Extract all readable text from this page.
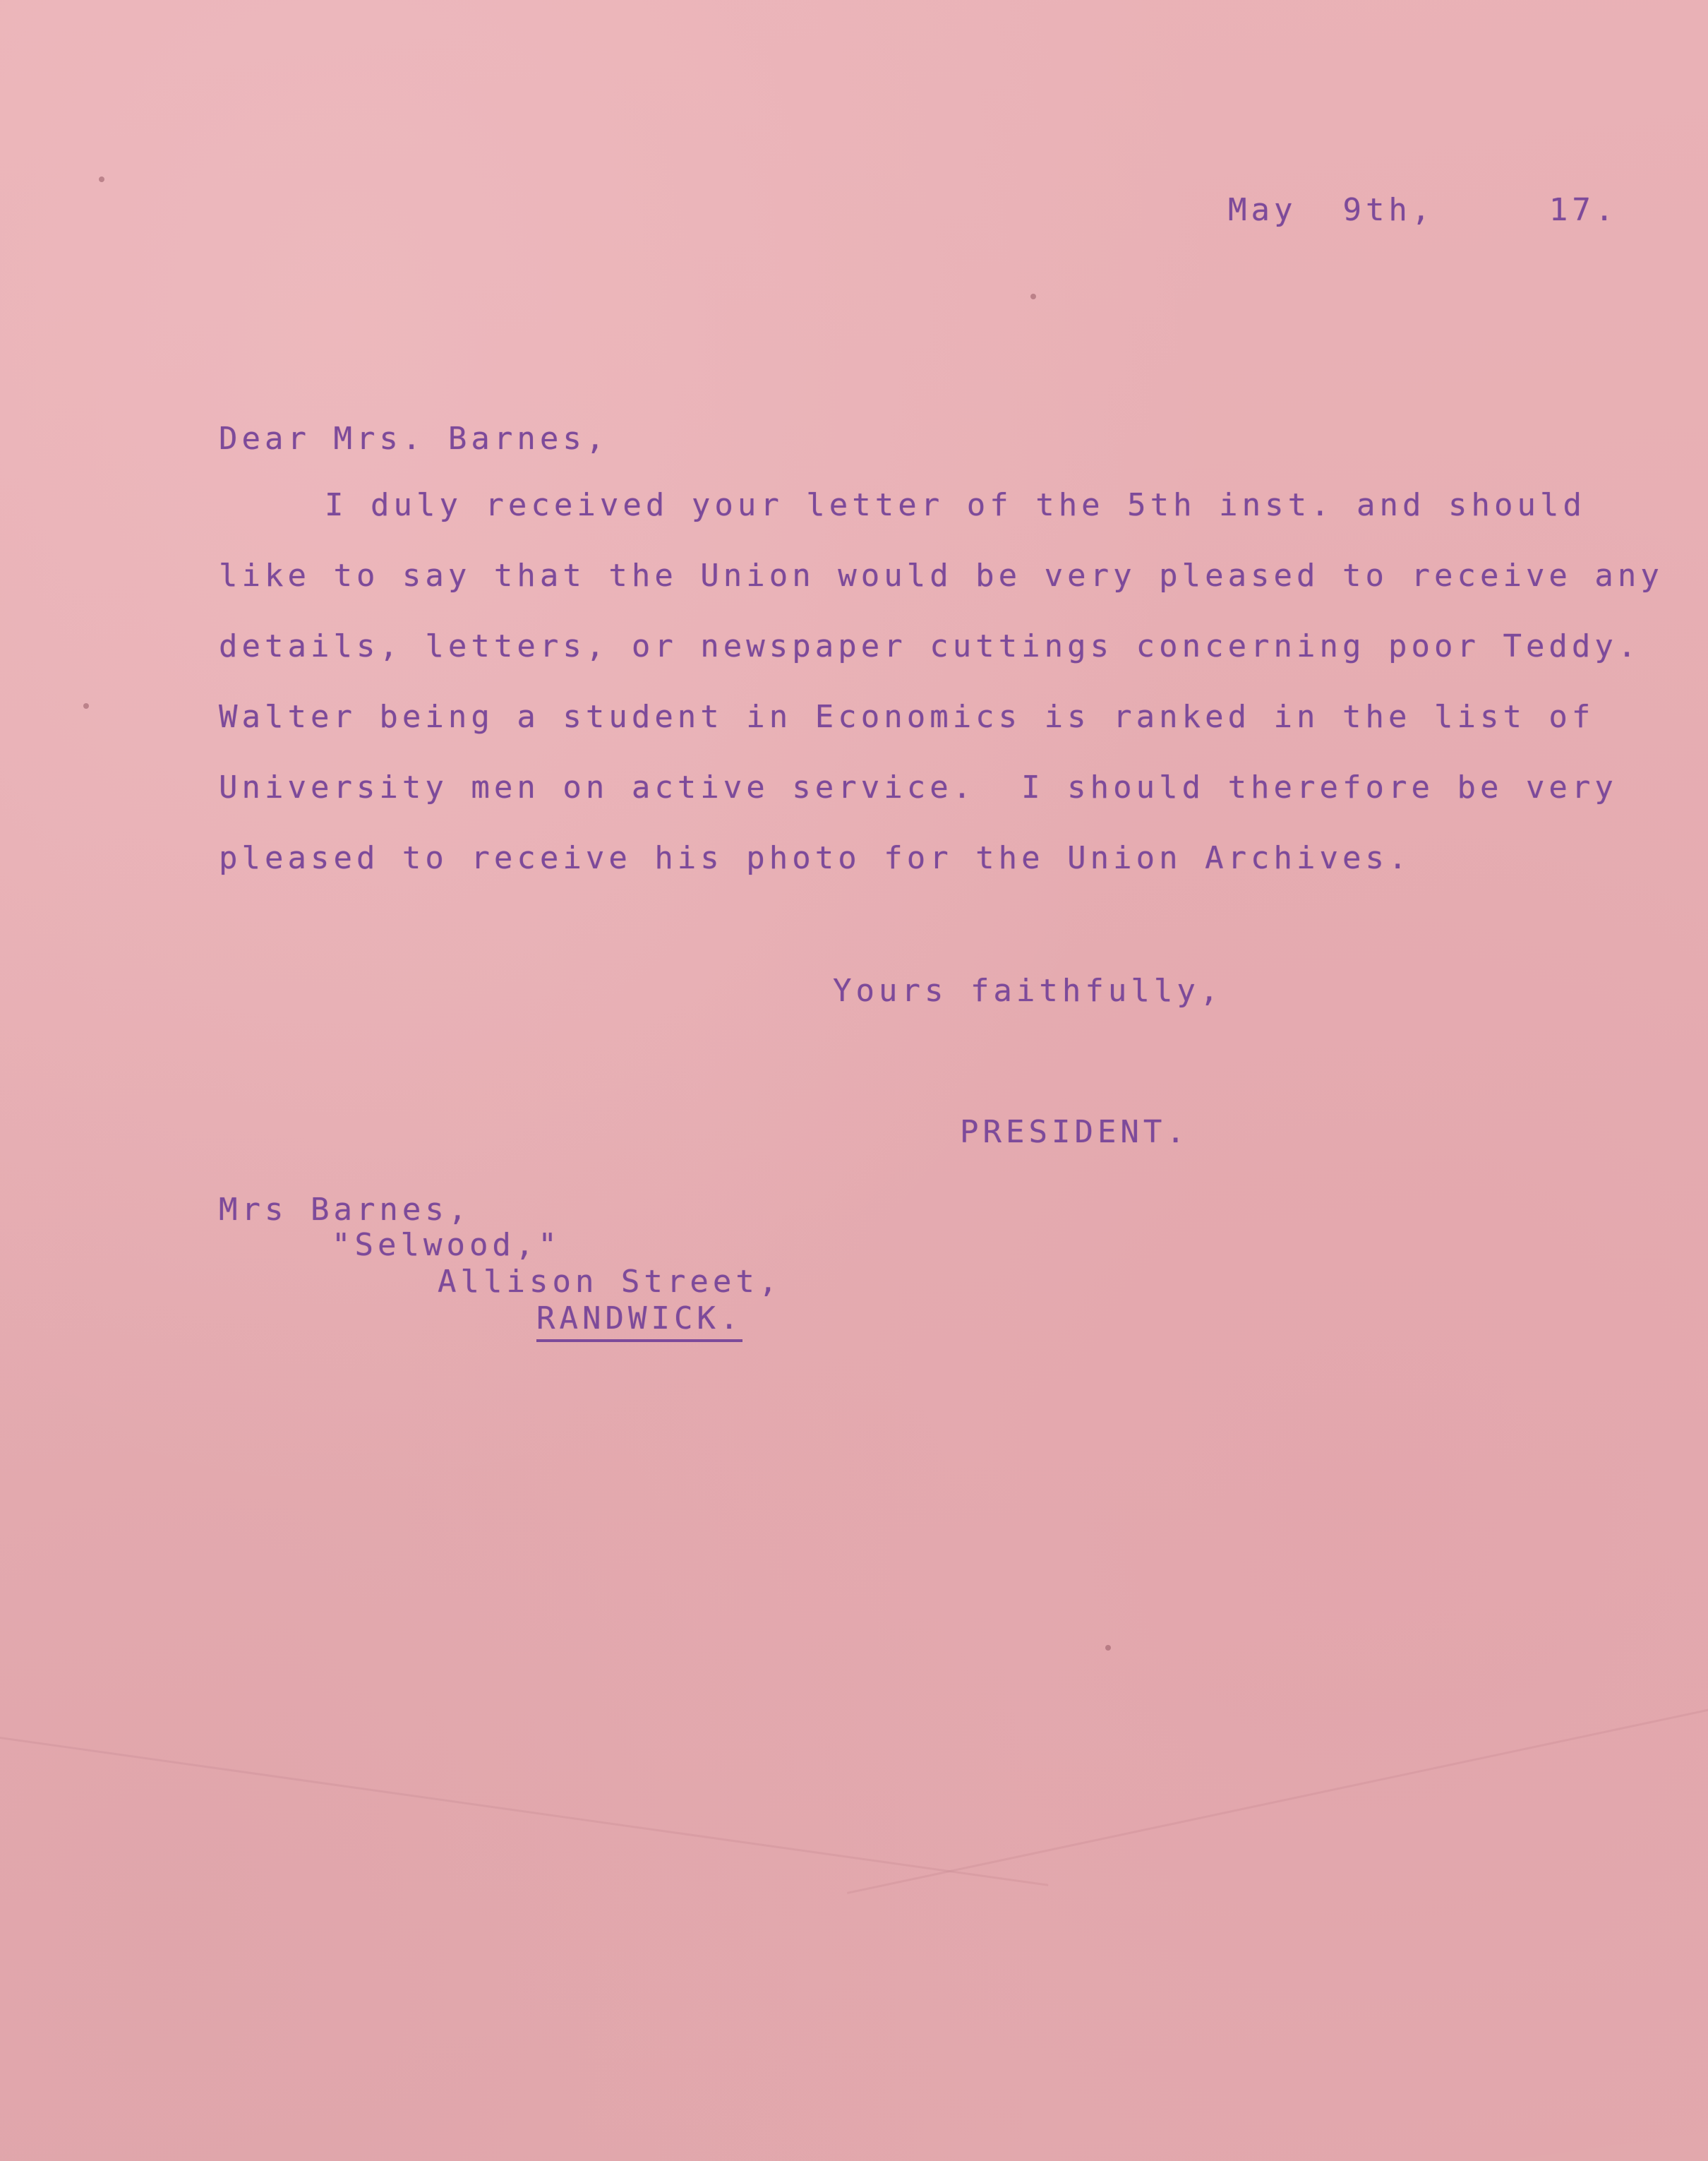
May  9th,     17.
Dear Mrs. Barnes,
I duly received your letter of the 5th inst. and should
like to say that the Union would be very pleased to receive any
details, letters, or newspaper cuttings concerning poor Teddy.
Walter being a student in Economics is ranked in the list of
University men on active service.  I should therefore be very
pleased to receive his photo for the Union Archives.
Yours faithfully,
PRESIDENT.
Mrs Barnes,
"Selwood,"
Allison Street,
RANDWICK.
